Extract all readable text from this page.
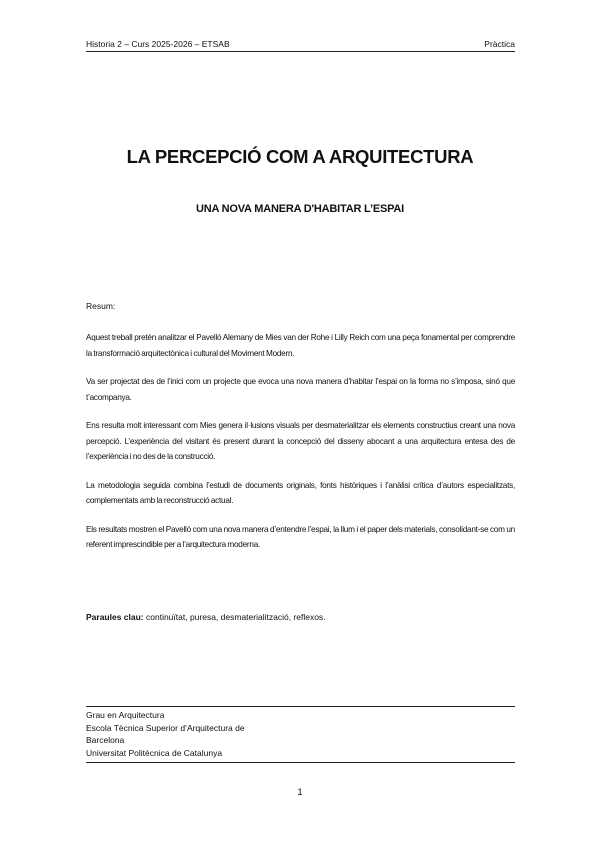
Historia 2 – Curs 2025-2026 – ETSAB	Pràctica
LA PERCEPCIÓ COM A ARQUITECTURA
UNA NOVA MANERA D'HABITAR L’ESPAI
Resum:

Aquest treball pretén analitzar el Pavelló Alemany de Mies van der Rohe i Lilly Reich com una peça fonamental per comprendre la transformació arquitectònica i cultural del Moviment Modern.

Va ser projectat des de l’inici com un projecte que evoca una nova manera d’habitar l’espai on la forma no s’imposa, sinó que t’acompanya.

Ens resulta molt interessant com Mies genera il·lusions visuals per desmaterialitzar els elements constructius creant una nova percepció. L’experiència del visitant és present durant la concepció del disseny abocant a una arquitectura entesa des de l’experiència i no des de la construcció.

La metodologia seguida combina l’estudi de documents originals, fonts històriques i l’anàlisi crítica d’autors especialitzats, complementats amb la reconstrucció actual.

Els resultats mostren el Pavelló com una nova manera d’entendre l’espai, la llum i el paper dels materials, consolidant-se com un referent imprescindible per a l’arquitectura moderna.

Paraules clau: continuïtat, puresa, desmaterialització, reflexos.
Grau en Arquitectura
Escola Tècnica Superior d’Arquitectura de
Barcelona
Universitat Politècnica de Catalunya
1
